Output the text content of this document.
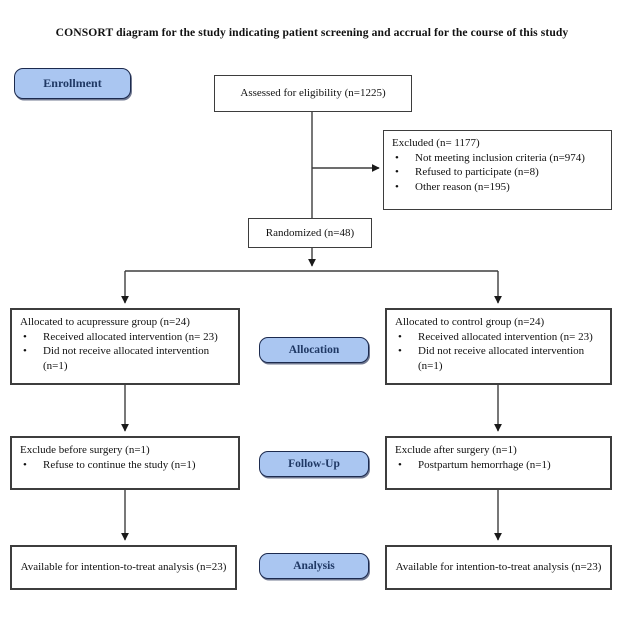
CONSORT diagram for the study indicating patient screening and accrual for the course of this study
Enrollment
Allocation
Follow-Up
Analysis
Assessed for eligibility (n=1225)
Excluded (n= 1177)
•
Not meeting inclusion criteria (n=974)
•
Refused to participate (n=8)
•
Other reason (n=195)
Randomized (n=48)
Allocated to acupressure group (n=24)
•
Received allocated intervention (n= 23)
•
Did not receive allocated intervention (n=1)
Allocated to control group (n=24)
•
Received allocated intervention (n= 23)
•
Did not receive allocated intervention (n=1)
Exclude before surgery (n=1)
•
Refuse to continue the study (n=1)
Exclude after surgery (n=1)
•
Postpartum hemorrhage (n=1)
Available for intention-to-treat analysis (n=23)	Available for intention-to-treat analysis (n=23)
